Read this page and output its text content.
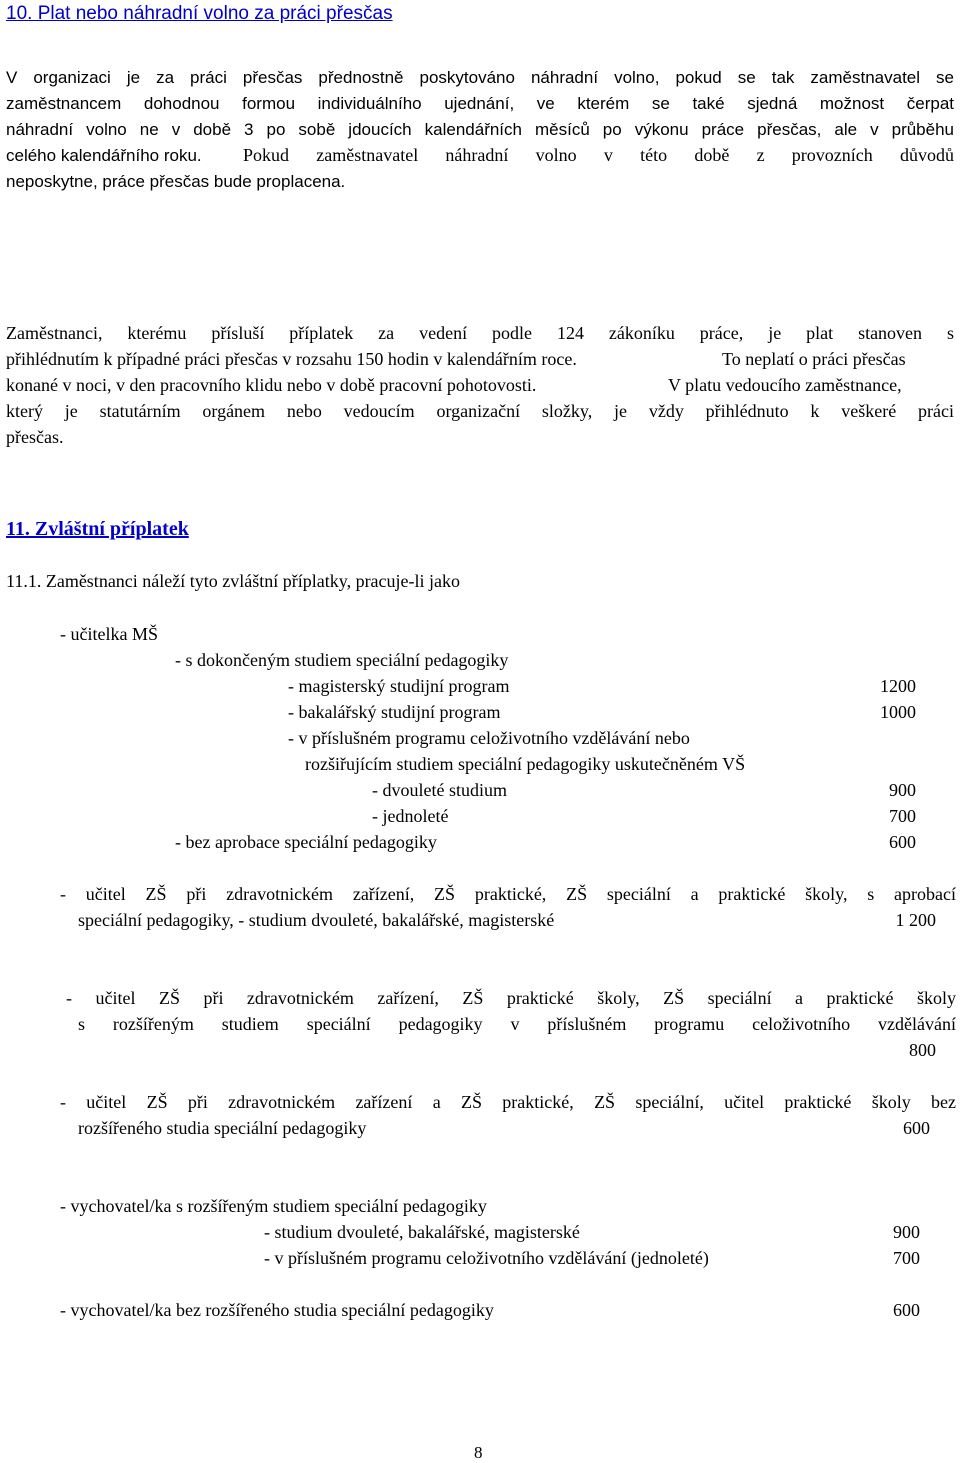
10. Plat nebo náhradní volno za práci přesčas
V organizaci je za práci přesčas přednostně poskytováno náhradní volno, pokud se tak zaměstnavatel se
zaměstnancem dohodnou formou individuálního ujednání, ve kterém se také sjedná možnost čerpat
náhradní volno ne v době 3 po sobě jdoucích kalendářních měsíců po výkonu práce přesčas, ale v průběhu
celého kalendářního roku. Pokud zaměstnavatel náhradní volno v této době z provozních důvodů
neposkytne, práce přesčas bude proplacena.
Zaměstnanci, kterému přísluší příplatek za vedení podle 124 zákoníku práce, je plat stanoven s
přihlédnutím k případné práci přesčas v rozsahu 150 hodin v kalendářním roce.	To neplatí o práci přesčas
konané v noci, v den pracovního klidu nebo v době pracovní pohotovosti.	V platu vedoucího zaměstnance,
který je statutárním orgánem nebo vedoucím organizační složky, je vždy přihlédnuto k veškeré práci
přesčas.
11. Zvláštní příplatek
11.1. Zaměstnanci náleží tyto zvláštní příplatky, pracuje-li jako
- učitelka MŠ
- s dokončeným studiem speciální pedagogiky
- magisterský studijní program	1200
- bakalářský studijní program	1000
- v příslušném programu celoživotního vzdělávání nebo
rozšiřujícím studiem speciální pedagogiky uskutečněném VŠ
- dvouleté studium	900
- jednoleté	700
- bez aprobace speciální pedagogiky	600
- učitel ZŠ při zdravotnickém zařízení, ZŠ praktické, ZŠ speciální a praktické školy, s aprobací
speciální pedagogiky, - studium dvouleté, bakalářské, magisterské	1 200
- učitel ZŠ při zdravotnickém zařízení, ZŠ praktické školy, ZŠ speciální a praktické školy
s rozšířeným studiem speciální pedagogiky v příslušném programu celoživotního vzdělávání
800
- učitel ZŠ při zdravotnickém zařízení a ZŠ praktické, ZŠ speciální, učitel praktické školy bez
rozšířeného studia speciální pedagogiky	600
- vychovatel/ka s rozšířeným studiem speciální pedagogiky
- studium dvouleté, bakalářské, magisterské	900
- v příslušném programu celoživotního vzdělávání (jednoleté)	700
- vychovatel/ka bez rozšířeného studia speciální pedagogiky	600
8
